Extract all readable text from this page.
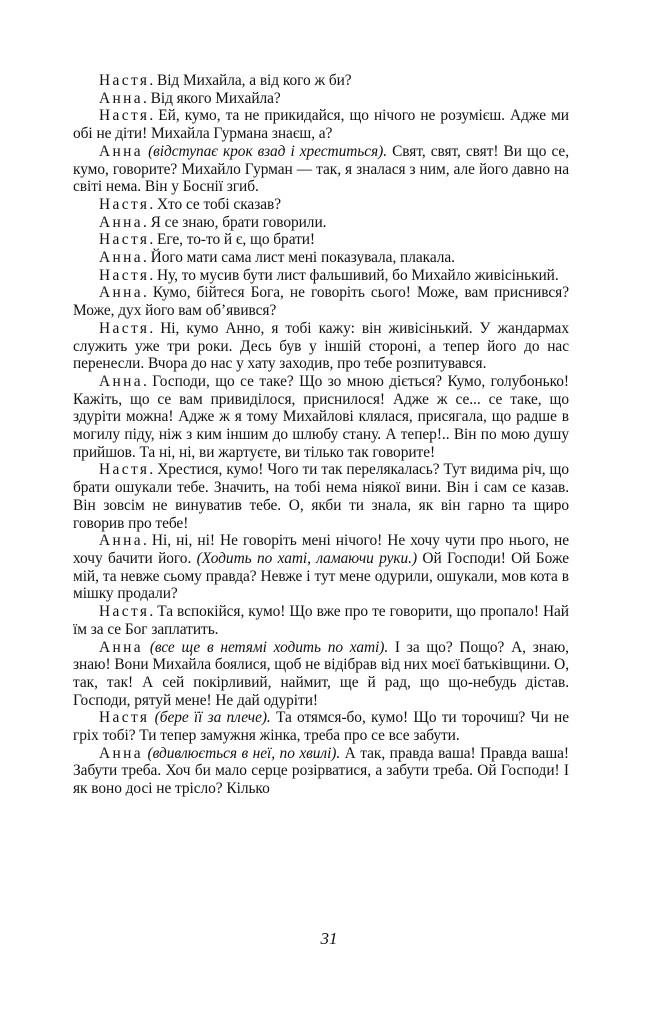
Настя. Від Михайла, а від кого ж би?

Анна. Від якого Михайла?

Настя. Ей, кумо, та не прикидайся, що нічого не розумієш. Адже ми обі не діти! Михайла Гурмана знаєш, а?

Анна (відступає крок взад і хреститься). Свят, свят, свят! Ви що се, кумо, говорите? Михайло Гурман — так, я зналася з ним, але його давно на світі нема. Він у Боснії згиб.

Настя. Хто се тобі сказав?

Анна. Я се знаю, брати говорили.

Настя. Еге, то-то й є, що брати!

Анна. Його мати сама лист мені показувала, плакала.

Настя. Ну, то мусив бути лист фальшивий, бо Михайло живісінький.

Анна. Кумо, бійтеся Бога, не говоріть сього! Може, вам приснився? Може, дух його вам об’явився?

Настя. Ні, кумо Анно, я тобі кажу: він живісінький. У жандармах служить уже три роки. Десь був у іншій стороні, а тепер його до нас перенесли. Вчора до нас у хату заходив, про тебе розпитувався.

Анна. Господи, що се таке? Що зо мною діється? Кумо, голубонько! Кажіть, що се вам привиділося, приснилося! Адже ж се... се таке, що здуріти можна! Адже ж я тому Михайлові клялася, присягала, що радше в могилу піду, ніж з ким іншим до шлюбу стану. А тепер!.. Він по мою душу прийшов. Та ні, ні, ви жартуєте, ви тілько так говорите!

Настя. Хрестися, кумо! Чого ти так перелякалась? Тут видима річ, що брати ошукали тебе. Значить, на тобі нема ніякої вини. Він і сам се казав. Він зовсім не винуватив тебе. О, якби ти знала, як він гарно та щиро говорив про тебе!

Анна. Ні, ні, ні! Не говоріть мені нічого! Не хочу чути про нього, не хочу бачити його. (Ходить по хаті, ламаючи руки.) Ой Господи! Ой Боже мій, та невже сьому правда? Невже і тут мене одурили, ошукали, мов кота в мішку продали?

Настя. Та вспокійся, кумо! Що вже про те говорити, що пропало! Най їм за се Бог заплатить.

Анна (все ще в нетямі ходить по хаті). І за що? Пощо? А, знаю, знаю! Вони Михайла боялися, щоб не відібрав від них моєї батьківщини. О, так, так! А сей покірливий, наймит, ще й рад, що що-небудь дістав. Господи, рятуй мене! Не дай одуріти!

Настя (бере її за плече). Та отямся-бо, кумо! Що ти торочиш? Чи не гріх тобі? Ти тепер замужня жінка, треба про се все забути.

Анна (вдивлюється в неї, по хвилі). А так, правда ваша! Правда ваша! Забути треба. Хоч би мало серце розірватися, а забути треба. Ой Господи! І як воно досі не трісло? Кілько

31
